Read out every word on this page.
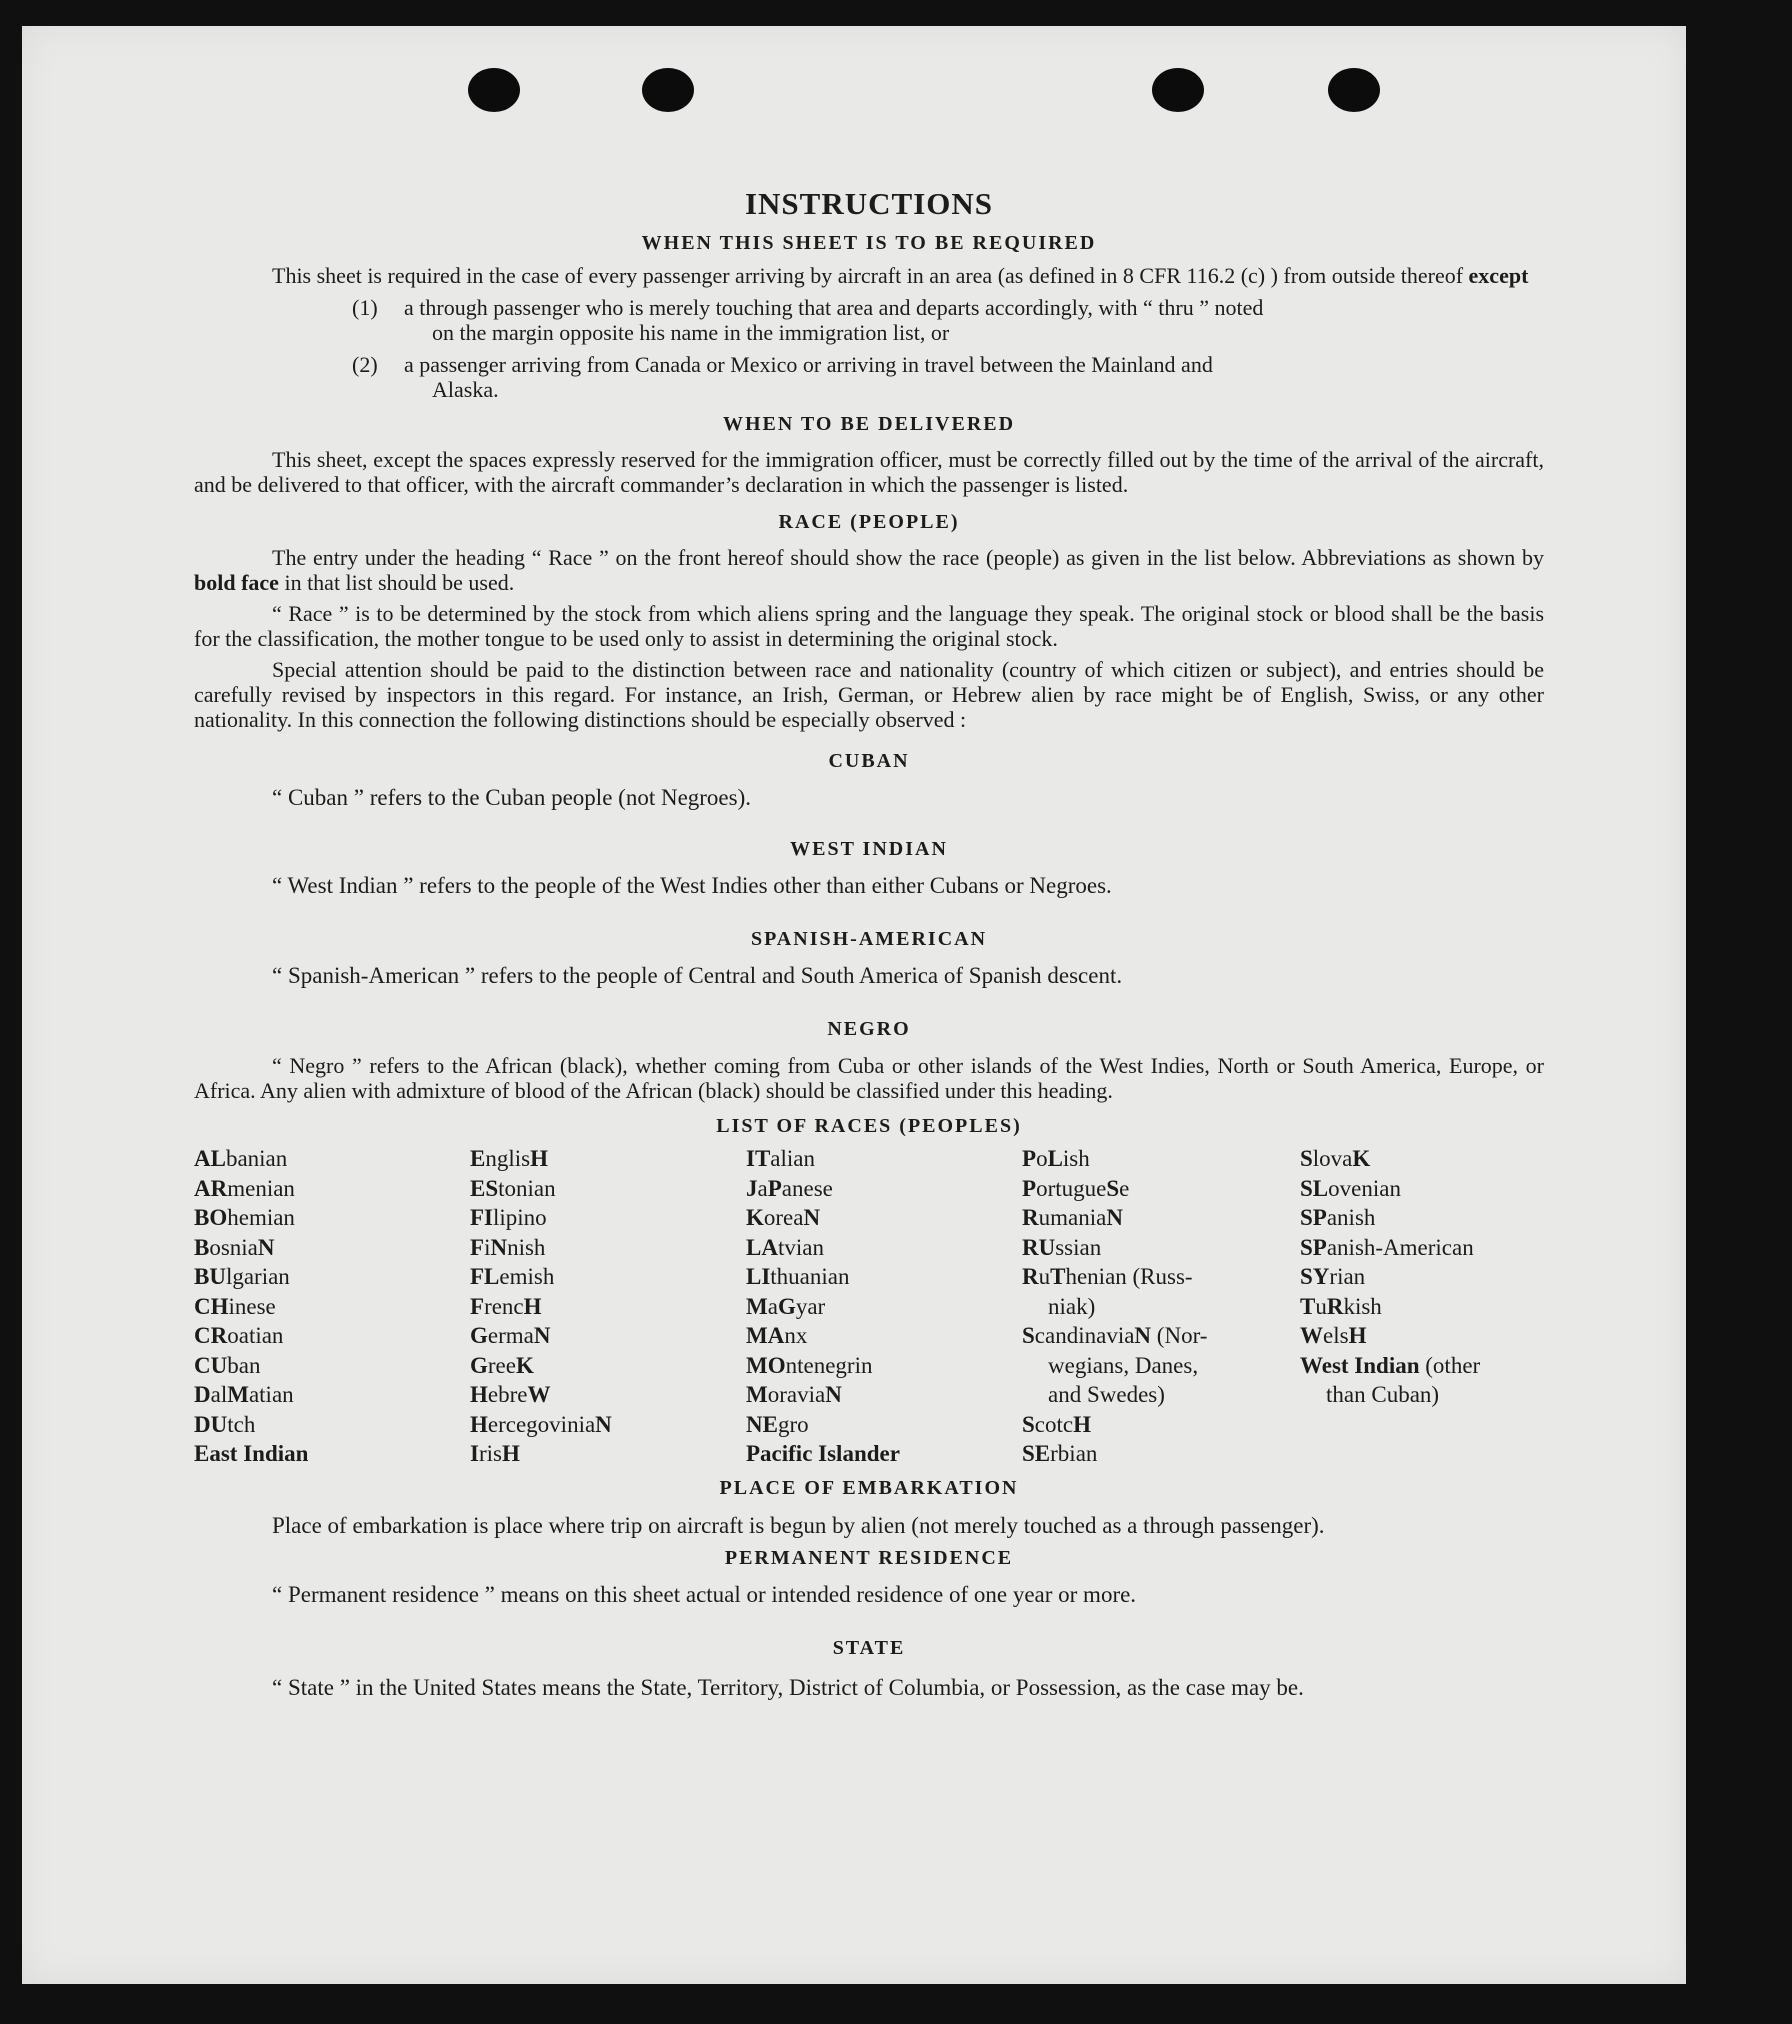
INSTRUCTIONS
WHEN THIS SHEET IS TO BE REQUIRED

This sheet is required in the case of every passenger arriving by aircraft in an area (as defined in 8 CFR 116.2 (c) ) from outside thereof except

(1)	a through passenger who is merely touching that area and departs accordingly, with “ thru ” noted
on the margin opposite his name in the immigration list, or
(2)	a passenger arriving from Canada or Mexico or arriving in travel between the Mainland and
Alaska.
WHEN TO BE DELIVERED

This sheet, except the spaces expressly reserved for the immigration officer, must be correctly filled out by the time of the arrival of the aircraft, and be delivered to that officer, with the aircraft commander’s declaration in which the passenger is listed.

RACE (PEOPLE)

The entry under the heading “ Race ” on the front hereof should show the race (people) as given in the list below. Abbreviations as shown by bold face in that list should be used.

“ Race ” is to be determined by the stock from which aliens spring and the language they speak. The original stock or blood shall be the basis for the classification, the mother tongue to be used only to assist in determining the original stock.

Special attention should be paid to the distinction between race and nationality (country of which citizen or subject), and entries should be carefully revised by inspectors in this regard. For instance, an Irish, German, or Hebrew alien by race might be of English, Swiss, or any other nationality. In this connection the following distinctions should be especially observed :

CUBAN

“ Cuban ” refers to the Cuban people (not Negroes).

WEST INDIAN

“ West Indian ” refers to the people of the West Indies other than either Cubans or Negroes.

SPANISH-AMERICAN

“ Spanish-American ” refers to the people of Central and South America of Spanish descent.

NEGRO

“ Negro ” refers to the African (black), whether coming from Cuba or other islands of the West Indies, North or South America, Europe, or Africa. Any alien with admixture of blood of the African (black) should be classified under this heading.

LIST OF RACES (PEOPLES)
ALbanian
ARmenian
BOhemian
BosniaN
BUlgarian
CHinese
CRoatian
CUban
DalMatian
DUtch
East Indian
EnglisH
EStonian
FIlipino
FiNnish
FLemish
FrencH
GermaN
GreeK
HebreW
HercegoviniaN
IrisH
ITalian
JaPanese
KoreaN
LAtvian
LIthuanian
MaGyar
MAnx
MOntenegrin
MoraviaN
NEgro
Pacific Islander
PoLish
PortugueSe
RumaniaN
RUssian
RuThenian (Russ-
niak)
ScandinaviaN (Nor-
wegians, Danes,
and Swedes)
ScotcH
SErbian
SlovaK
SLovenian
SPanish
SPanish-American
SYrian
TuRkish
WelsH
West Indian (other
than Cuban)
PLACE OF EMBARKATION

Place of embarkation is place where trip on aircraft is begun by alien (not merely touched as a through passenger).

PERMANENT RESIDENCE

“ Permanent residence ” means on this sheet actual or intended residence of one year or more.

STATE

“ State ” in the United States means the State, Territory, District of Columbia, or Possession, as the case may be.
